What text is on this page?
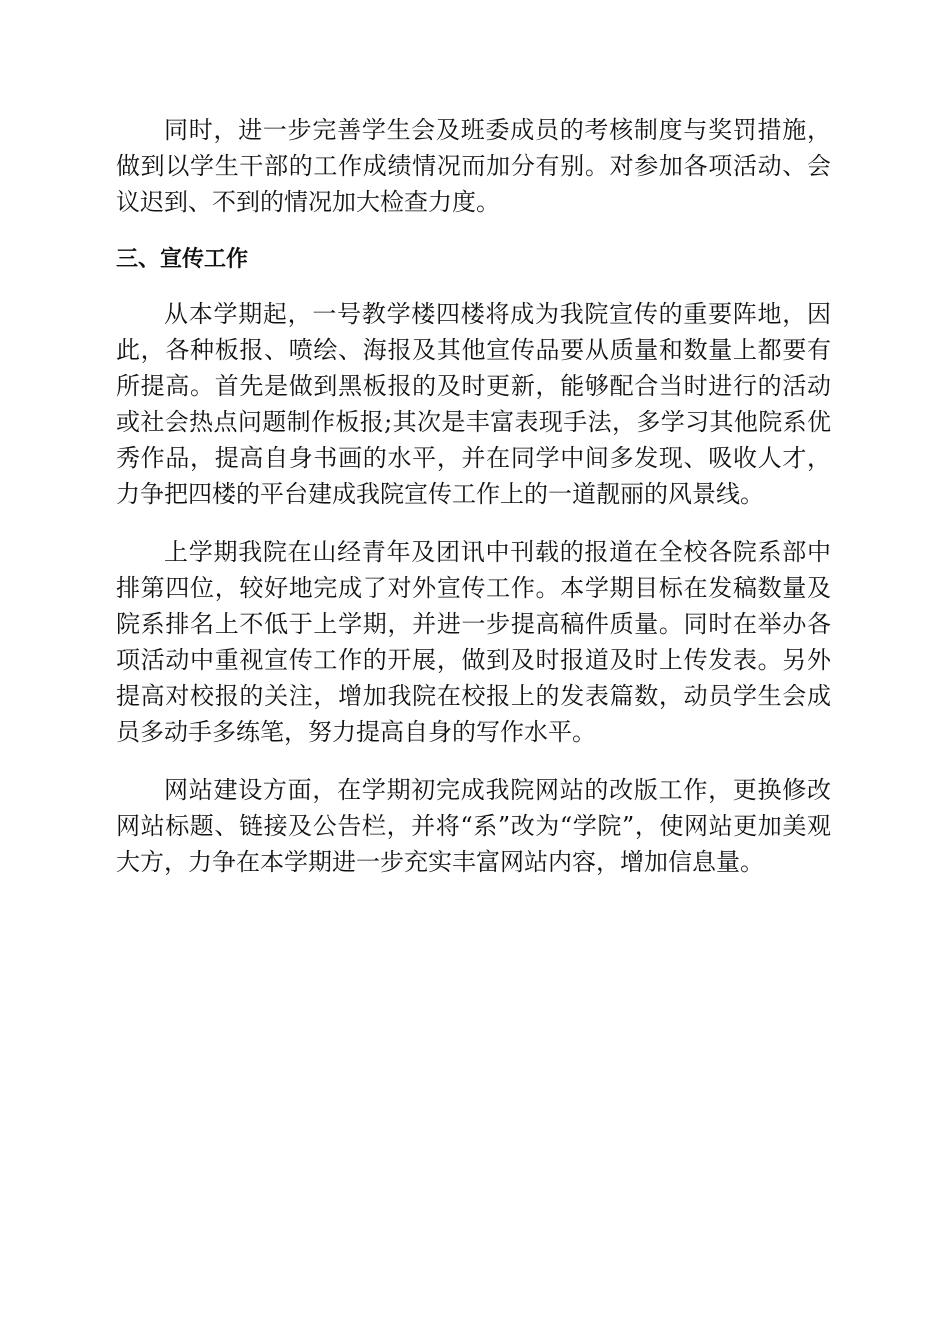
同时，进一步完善学生会及班委成员的考核制度与奖罚措施，做到以学生干部的工作成绩情况而加分有别。对参加各项活动、会议迟到、不到的情况加大检查力度。

三、宣传工作

从本学期起，一号教学楼四楼将成为我院宣传的重要阵地，因此，各种板报、喷绘、海报及其他宣传品要从质量和数量上都要有所提高。首先是做到黑板报的及时更新，能够配合当时进行的活动或社会热点问题制作板报;其次是丰富表现手法，多学习其他院系优秀作品，提高自身书画的水平，并在同学中间多发现、吸收人才，力争把四楼的平台建成我院宣传工作上的一道靓丽的风景线。

上学期我院在山经青年及团讯中刊载的报道在全校各院系部中排第四位，较好地完成了对外宣传工作。本学期目标在发稿数量及院系排名上不低于上学期，并进一步提高稿件质量。同时在举办各项活动中重视宣传工作的开展，做到及时报道及时上传发表。另外提高对校报的关注，增加我院在校报上的发表篇数，动员学生会成员多动手多练笔，努力提高自身的写作水平。

网站建设方面，在学期初完成我院网站的改版工作，更换修改网站标题、链接及公告栏，并将“系”改为“学院”，使网站更加美观大方，力争在本学期进一步充实丰富网站内容，增加信息量。
